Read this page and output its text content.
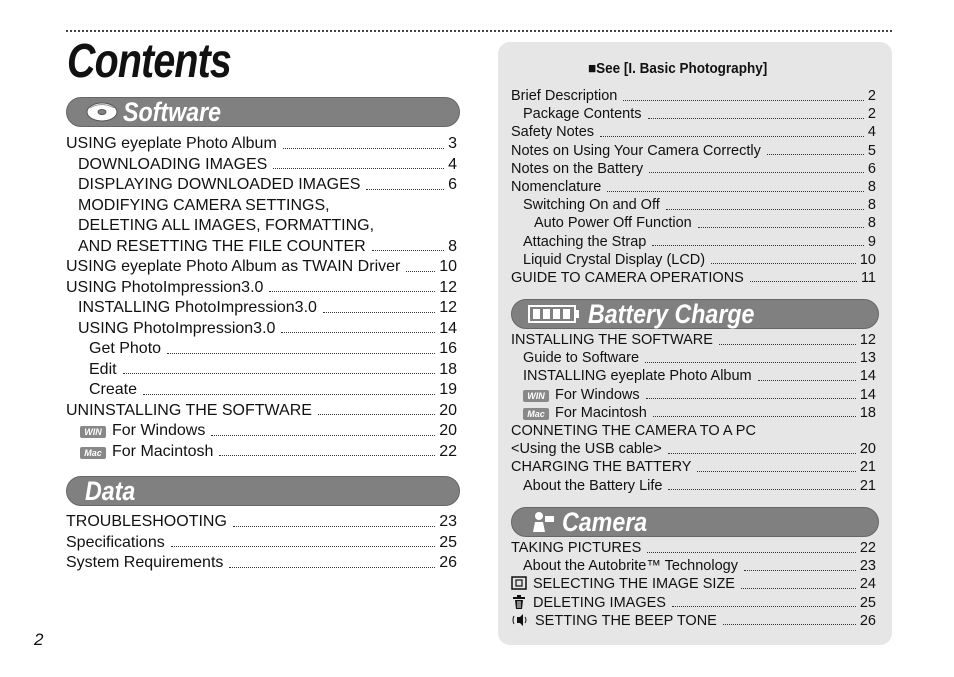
Contents
Software
USING eyeplate Photo Album	3
DOWNLOADING IMAGES	4
DISPLAYING DOWNLOADED IMAGES	6
MODIFYING CAMERA SETTINGS,
DELETING ALL IMAGES, FORMATTING,
AND RESETTING THE FILE COUNTER	8
USING eyeplate Photo Album as TWAIN Driver 10
USING PhotoImpression3.0	12
INSTALLING PhotoImpression3.0	12
USING PhotoImpression3.0	14
Get Photo	16
Edit	18
Create	19
UNINSTALLING THE SOFTWARE	20
WIN For Windows	20
Mac For Macintosh	22
Data
TROUBLESHOOTING	23
Specifications	25
System Requirements	26
■See [I. Basic Photography]
Brief Description	2
Package Contents	2
Safety Notes	4
Notes on Using Your Camera Correctly	5
Notes on the Battery	6
Nomenclature	8
Switching On and Off	8
Auto Power Off Function	8
Attaching the Strap	9
Liquid Crystal Display (LCD)	10
GUIDE TO CAMERA OPERATIONS	11
Battery Charge
INSTALLING THE SOFTWARE	12
Guide to Software	13
INSTALLING eyeplate Photo Album	14
WIN For Windows	14
Mac For Macintosh	18
CONNETING THE CAMERA TO A PC
<Using the USB cable>	20
CHARGING THE BATTERY	21
About the Battery Life	21
Camera
TAKING PICTURES	22
About the Autobrite™ Technology	23
SELECTING THE IMAGE SIZE	24
DELETING IMAGES	25
SETTING THE BEEP TONE	26
2
